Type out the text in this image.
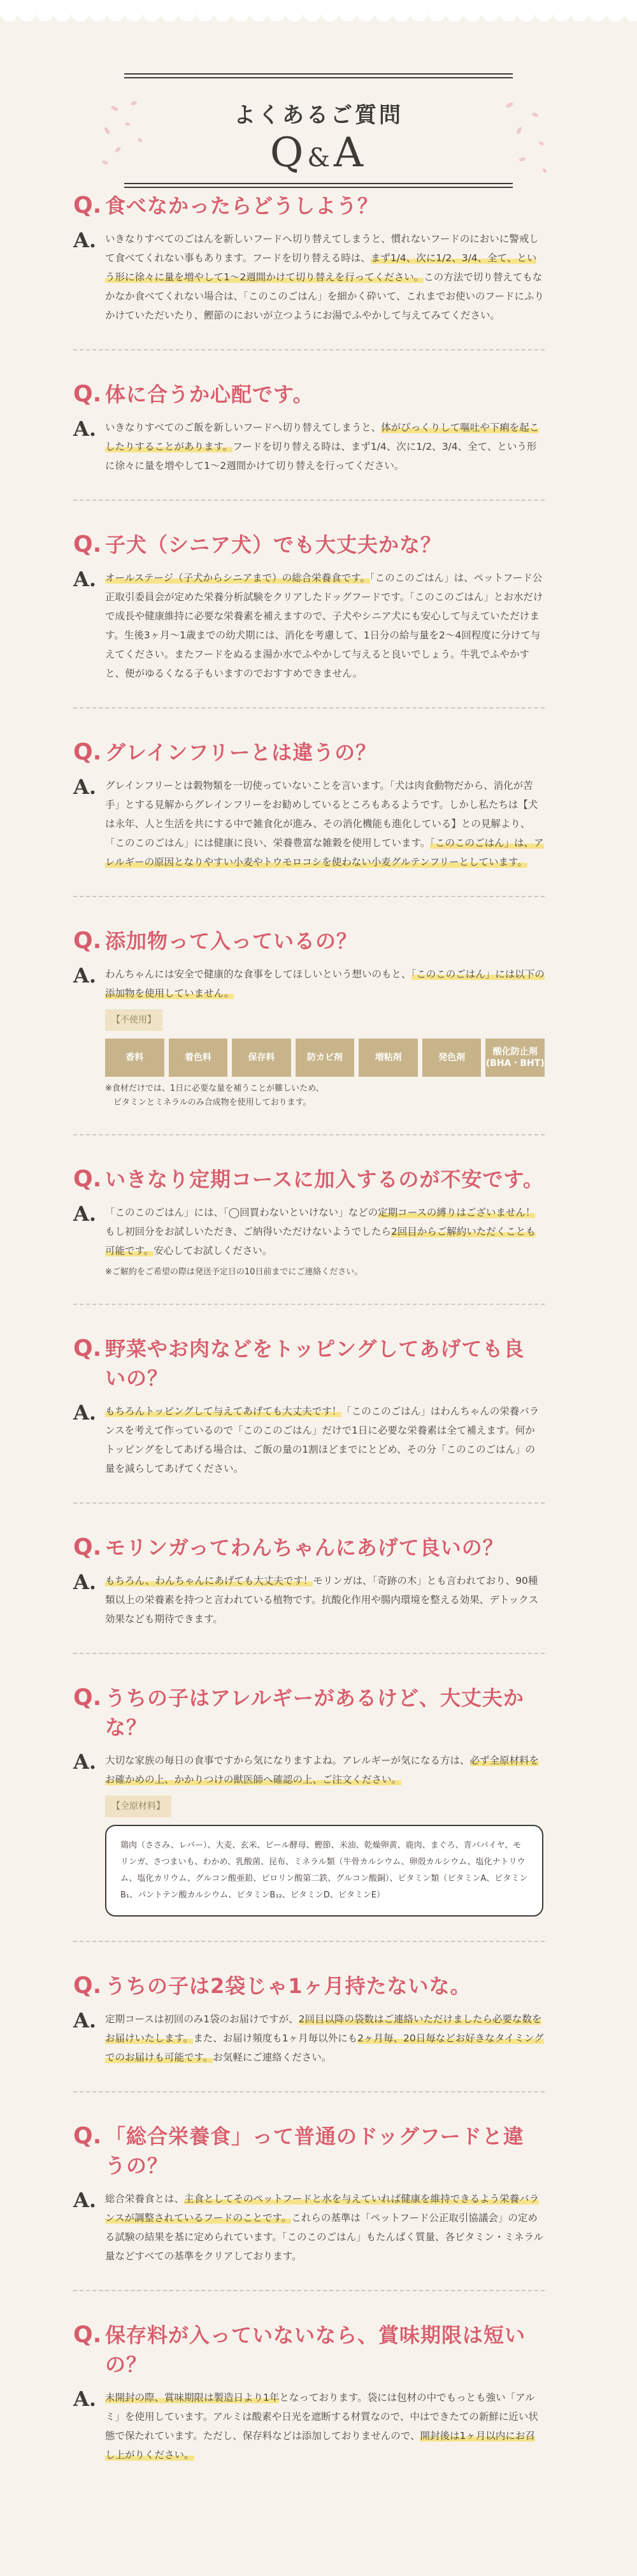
よくあるご質問
Q&A
Q. 食べなかったらどうしよう？
A. いきなりすべてのごはんを新しいフードへ切り替えてしまうと、慣れないフードのにおいに警戒して食べてくれない事もあります。フードを切り替える時は、まず1/4、次に1/2、3/4、全て、という形に徐々に量を増やして1～2週間かけて切り替えを行ってください。この方法で切り替えてもなかなか食べてくれない場合は、「このこのごはん」を細かく砕いて、これまでお使いのフードにふりかけていただいたり、鰹節のにおいが立つようにお湯でふやかして与えてみてください。
Q. 体に合うか心配です。
A. いきなりすべてのご飯を新しいフードへ切り替えてしまうと、体がびっくりして嘔吐や下痢を起こしたりすることがあります。フードを切り替える時は、まず1/4、次に1/2、3/4、全て、という形に徐々に量を増やして1～2週間かけて切り替えを行ってください。
Q. 子犬（シニア犬）でも大丈夫かな？
A. オールステージ（子犬からシニアまで）の総合栄養食です。「このこのごはん」は、ペットフード公正取引委員会が定めた栄養分析試験をクリアしたドッグフードです。「このこのごはん」とお水だけで成長や健康維持に必要な栄養素を補えますので、子犬やシニア犬にも安心して与えていただけます。生後3ヶ月～1歳までの幼犬期には、消化を考慮して、1日分の給与量を2～4回程度に分けて与えてください。またフードをぬるま湯か水でふやかして与えると良いでしょう。牛乳でふやかすと、便がゆるくなる子もいますのでおすすめできません。
Q. グレインフリーとは違うの？
A. グレインフリーとは穀物類を一切使っていないことを言います。「犬は肉食動物だから、消化が苦手」とする見解からグレインフリーをお勧めしているところもあるようです。しかし私たちは【犬は永年、人と生活を共にする中で雑食化が進み、その消化機能も進化している】との見解より、「このこのごはん」には健康に良い、栄養豊富な雑穀を使用しています。「このこのごはん」は、アレルギーの原因となりやすい小麦やトウモロコシを使わない小麦グルテンフリーとしています。
Q. 添加物って入っているの？
A. わんちゃんには安全で健康的な食事をしてほしいという想いのもと、「このこのごはん」には以下の添加物を使用していません。
【不使用】
香料	着色料	保存料	防カビ剤	増粘剤	発色剤
酸化防止剤
(BHA・BHT)
※食材だけでは、1日に必要な量を補うことが難しいため、
　ビタミンとミネラルのみ合成物を使用しております。
Q. いきなり定期コースに加入するのが不安です。
A. 「このこのごはん」には、「◯回買わないといけない」などの定期コースの縛りはございません！もし初回分をお試しいただき、ご納得いただけないようでしたら2回目からご解約いただくことも可能です。安心してお試しください。
※ご解約をご希望の際は発送予定日の10日前までにご連絡ください。
Q. 野菜やお肉などをトッピングしてあげても良いの？
A. もちろんトッピングして与えてあげても大丈夫です！「このこのごはん」はわんちゃんの栄養バランスを考えて作っているので「このこのごはん」だけで1日に必要な栄養素は全て補えます。何かトッピングをしてあげる場合は、ご飯の量の1割ほどまでにとどめ、その分「このこのごはん」の量を減らしてあげてください。
Q. モリンガってわんちゃんにあげて良いの？
A. もちろん、わんちゃんにあげても大丈夫です！モリンガは、「奇跡の木」とも言われており、90種類以上の栄養素を持つと言われている植物です。抗酸化作用や腸内環境を整える効果、デトックス効果なども期待できます。
Q. うちの子はアレルギーがあるけど、大丈夫かな？
A. 大切な家族の毎日の食事ですから気になりますよね。アレルギーが気になる方は、必ず全原材料をお確かめの上、かかりつけの獣医師へ確認の上、ご注文ください。
【全原材料】
鶏肉（ささみ、レバー）、大麦、玄米、ビール酵母、鰹節、米油、乾燥卵黄、鹿肉、まぐろ、青パパイヤ、モリンガ、さつまいも、わかめ、乳酸菌、昆布、ミネラル類（牛骨カルシウム、卵殻カルシウム、塩化ナトリウム、塩化カリウム、グルコン酸亜鉛、ピロリン酸第二鉄、グルコン酸銅）、ビタミン類（ビタミンA、ビタミンB₁、パントテン酸カルシウム、ビタミンB₁₂、ビタミンD、ビタミンE）
Q. うちの子は2袋じゃ1ヶ月持たないな。
A. 定期コースは初回のみ1袋のお届けですが、2回目以降の袋数はご連絡いただけましたら必要な数をお届けいたします。また、お届け頻度も1ヶ月毎以外にも2ヶ月毎、20日毎などお好きなタイミングでのお届けも可能です。お気軽にご連絡ください。
Q. 「総合栄養食」って普通のドッグフードと違うの？
A. 総合栄養食とは、主食としてそのペットフードと水を与えていれば健康を維持できるよう栄養バランスが調整されているフードのことです。これらの基準は「ペットフード公正取引協議会」の定める試験の結果を基に定められています。「このこのごはん」もたんぱく質量、各ビタミン・ミネラル量などすべての基準をクリアしております。
Q. 保存料が入っていないなら、賞味期限は短いの？
A. 未開封の際、賞味期限は製造日より1年となっております。袋には包材の中でもっとも強い「アルミ」を使用しています。アルミは酸素や日光を遮断する材質なので、中はできたての新鮮に近い状態で保たれています。ただし、保存料などは添加しておりませんので、開封後は1ヶ月以内にお召し上がりください。
